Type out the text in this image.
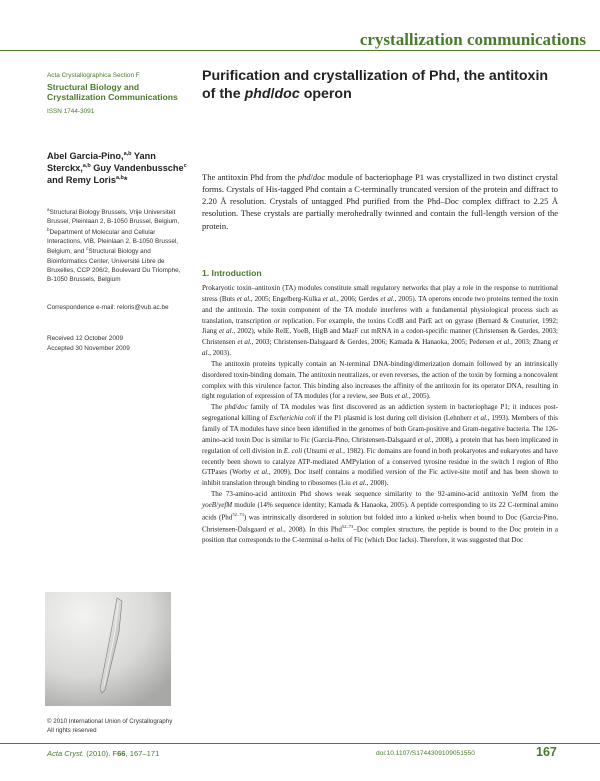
crystallization communications
Acta Crystallographica Section F
Structural Biology and Crystallization Communications
ISSN 1744-3091
Abel Garcia-Pino,$^{a,b}$ Yann Sterckx,$^{a,b}$ Guy Vandenbussche$^c$ and Remy Loris$^{a,b}$*
$^a$Structural Biology Brussels, Vrije Universiteit Brussel, Pleinlaan 2, B-1050 Brussel, Belgium, $^b$Department of Molecular and Cellular Interactions, VIB, Pleinlaan 2, B-1050 Brussel, Belgium, and $^c$Structural Biology and Bioinformatics Center, Université Libre de Bruxelles, CCP 206/2, Boulevard Du Triomphe, B-1050 Brussels, Belgium
Correspondence e-mail: reloris@vub.ac.be
Received 12 October 2009
Accepted 30 November 2009
© 2010 International Union of Crystallography
All rights reserved
Purification and crystallization of Phd, the antitoxin of the phd/doc operon
The antitoxin Phd from the phd/doc module of bacteriophage P1 was crystallized in two distinct crystal forms. Crystals of His-tagged Phd contain a C-terminally truncated version of the protein and diffract to 2.20 Å resolution. Crystals of untagged Phd purified from the Phd–Doc complex diffract to 2.25 Å resolution. These crystals are partially merohedrally twinned and contain the full-length version of the protein.
1. Introduction

Prokaryotic toxin–antitoxin (TA) modules constitute small regulatory networks that play a role in the response to nutritional stress (Buts et al., 2005; Engelberg-Kulka et al., 2006; Gerdes et al., 2005). TA operons encode two proteins termed the toxin and the antitoxin. The toxin component of the TA module interferes with a fundamental physiological process such as translation, transcription or replication. For example, the toxins CcdB and ParE act on gyrase (Bernard & Couturier, 1992; Jiang et al., 2002), while RelE, YoeB, HigB and MazF cut mRNA in a codon-specific manner (Christensen & Gerdes, 2003; Christensen et al., 2003; Christensen-Dalsgaard & Gerdes, 2006; Kamada & Hanaoka, 2005; Pedersen et al., 2003; Zhang et al., 2003).

The antitoxin proteins typically contain an N-terminal DNA-binding/dimerization domain followed by an intrinsically disordered toxin-binding domain. The antitoxin neutralizes, or even reverses, the action of the toxin by forming a noncovalent complex with this virulence factor. This binding also increases the affinity of the antitoxin for its operator DNA, resulting in tight regulation of expression of TA modules (for a review, see Buts et al., 2005).

The phd/doc family of TA modules was first discovered as an addiction system in bacteriophage P1; it induces post-segregational killing of Escherichia coli if the P1 plasmid is lost during cell division (Lehnherr et al., 1993). Members of this family of TA modules have since been identified in the genomes of both Gram-positive and Gram-negative bacteria. The 126-amino-acid toxin Doc is similar to Fic (Garcia-Pino, Christensen-Dalsgaard et al., 2008), a protein that has been implicated in regulation of cell division in E. coli (Utsumi et al., 1982). Fic domains are found in both prokaryotes and eukaryotes and have recently been shown to catalyze ATP-mediated AMPylation of a conserved tyrosine residue in the switch I region of Rho GTPases (Worby et al., 2009). Doc itself contains a modified version of the Fic active-site motif and has been shown to inhibit translation through binding to ribosomes (Liu et al., 2008).

The 73-amino-acid antitoxin Phd shows weak sequence similarity to the 92-amino-acid antitoxin YefM from the yoeB/yefM module (14% sequence identity; Kamada & Hanaoka, 2005). A peptide corresponding to its 22 C-terminal amino acids (Phd$^{52-73}$) was intrinsically disordered in solution but folded into a kinked α-helix when bound to Doc (Garcia-Pino, Christensen-Dalsgaard et al., 2008). In this Phd$^{52-73}$–Doc complex structure, the peptide is bound to the Doc protein in a position that corresponds to the C-terminal α-helix of Fic (which Doc lacks). Therefore, it was suggested that Doc

Acta Cryst. (2010). F66, 167–171	doi:10.1107/S1744309109051550	167
